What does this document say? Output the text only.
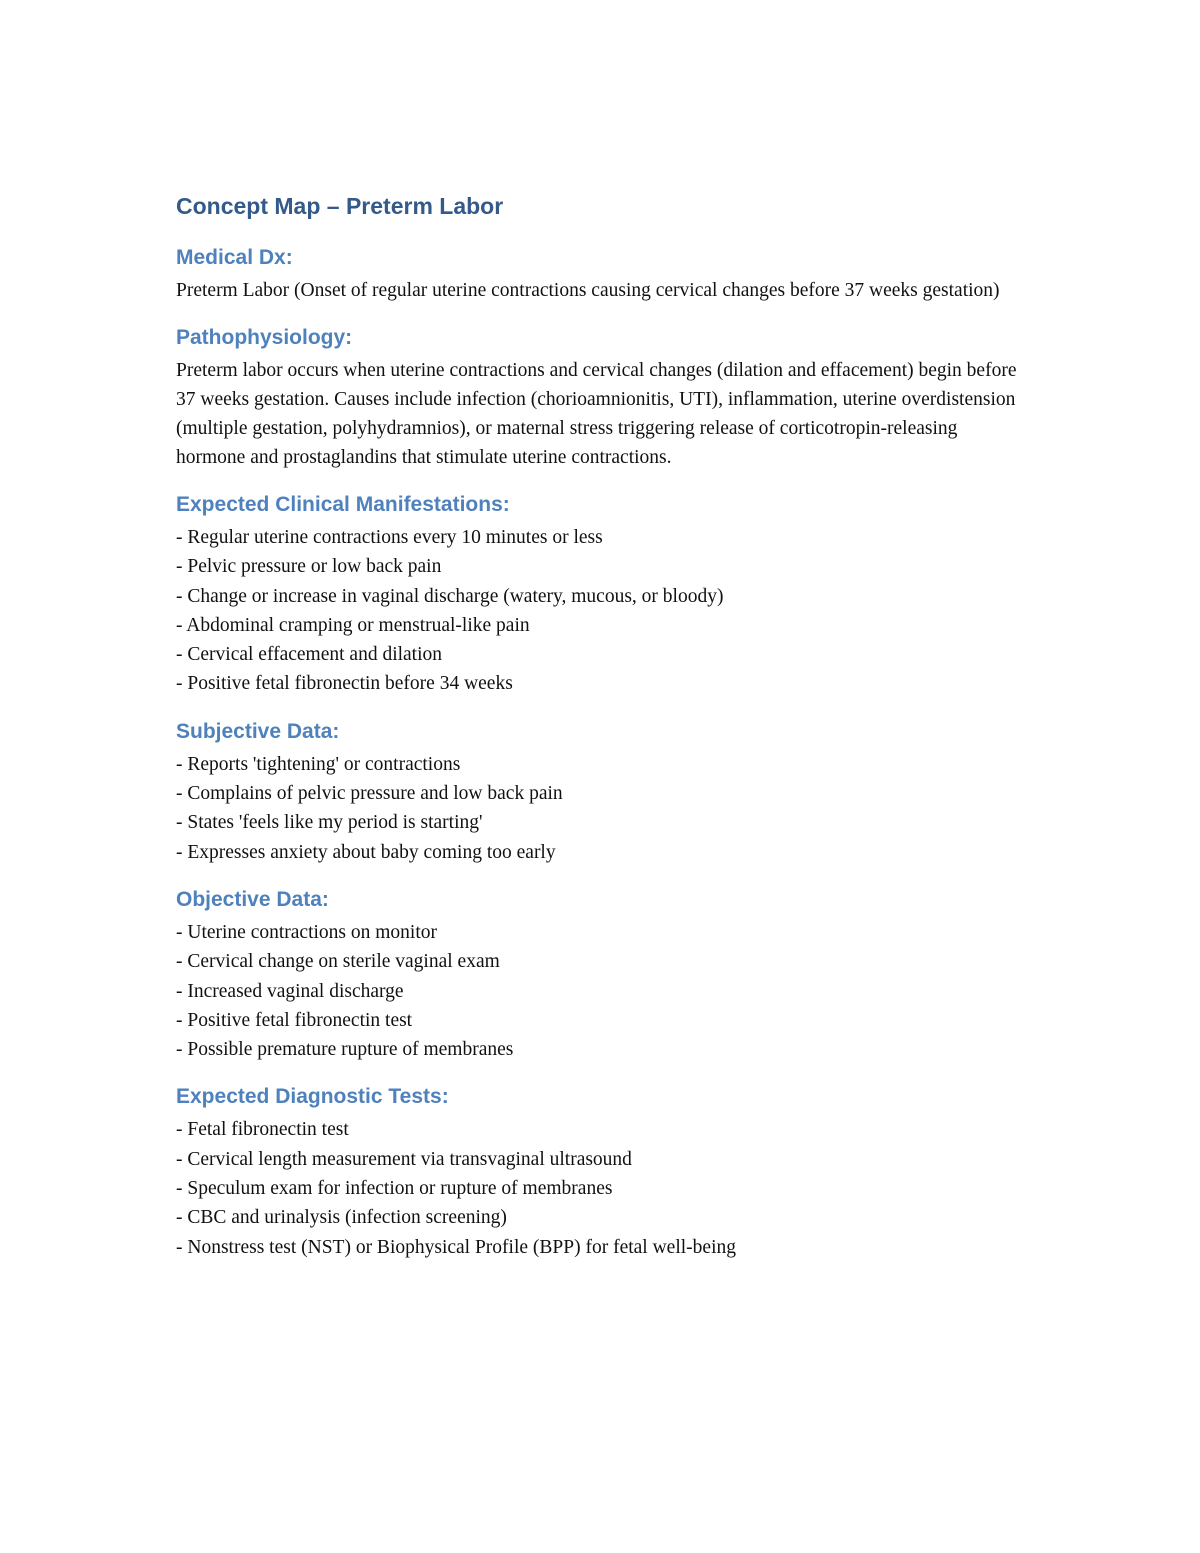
Concept Map – Preterm Labor
Medical Dx:

Preterm Labor (Onset of regular uterine contractions causing cervical changes before 37 weeks gestation)

Pathophysiology:

Preterm labor occurs when uterine contractions and cervical changes (dilation and effacement) begin before 37 weeks gestation. Causes include infection (chorioamnionitis, UTI), inflammation, uterine overdistension (multiple gestation, polyhydramnios), or maternal stress triggering release of corticotropin-releasing hormone and prostaglandins that stimulate uterine contractions.

Expected Clinical Manifestations:
- Regular uterine contractions every 10 minutes or less
- Pelvic pressure or low back pain
- Change or increase in vaginal discharge (watery, mucous, or bloody)
- Abdominal cramping or menstrual-like pain
- Cervical effacement and dilation
- Positive fetal fibronectin before 34 weeks
Subjective Data:
- Reports 'tightening' or contractions
- Complains of pelvic pressure and low back pain
- States 'feels like my period is starting'
- Expresses anxiety about baby coming too early
Objective Data:
- Uterine contractions on monitor
- Cervical change on sterile vaginal exam
- Increased vaginal discharge
- Positive fetal fibronectin test
- Possible premature rupture of membranes
Expected Diagnostic Tests:
- Fetal fibronectin test
- Cervical length measurement via transvaginal ultrasound
- Speculum exam for infection or rupture of membranes
- CBC and urinalysis (infection screening)
- Nonstress test (NST) or Biophysical Profile (BPP) for fetal well-being
